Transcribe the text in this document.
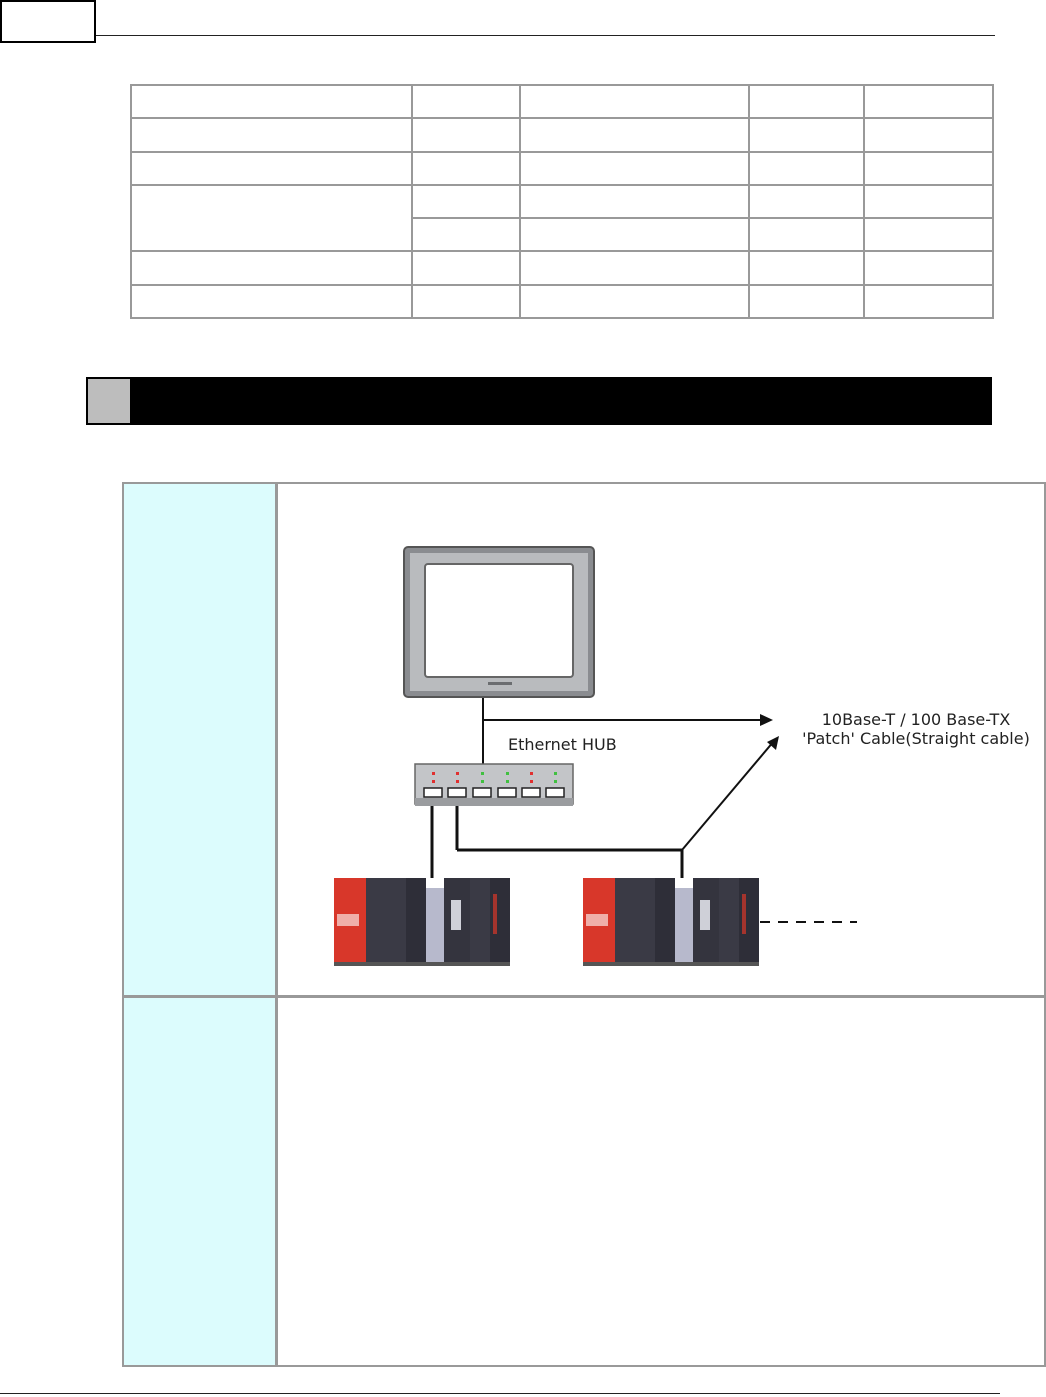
Ethernet HUB
10Base-T / 100 Base-TX
'Patch' Cable(Straight cable)
